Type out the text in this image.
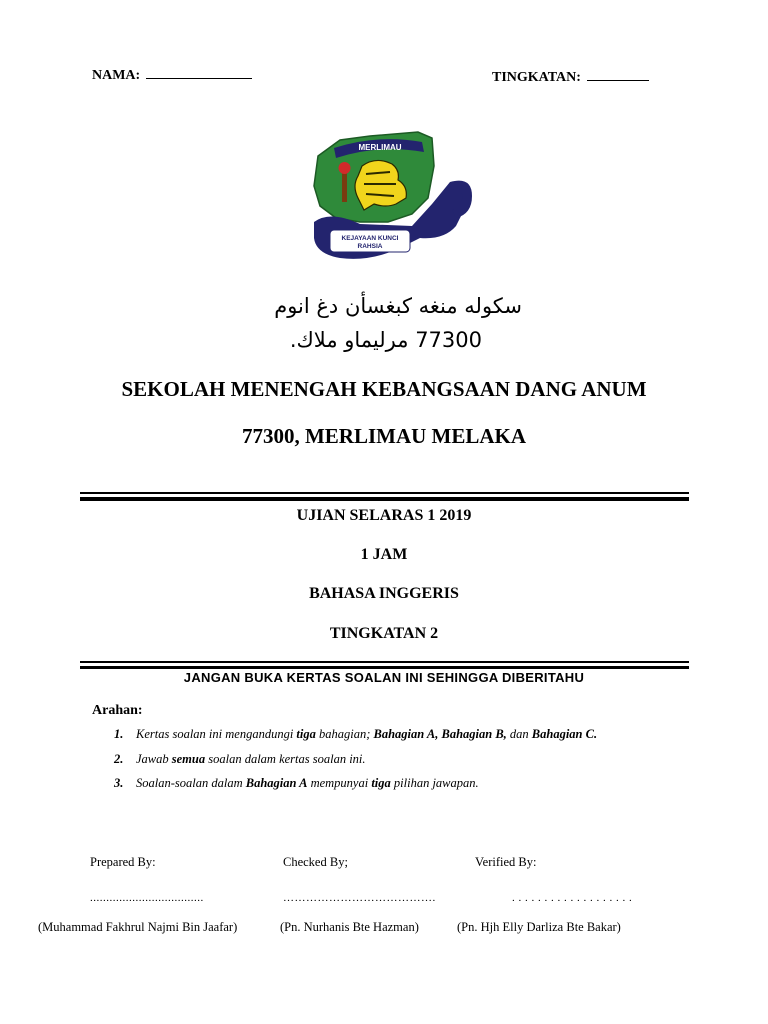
NAMA:	TINGKATAN:
KEJAYAAN KUNCI
RAHSIA
MERLIMAU
سكوله منغه كبغسأن دغ انوم
77300 مرليماو ملاك.
SEKOLAH MENENGAH KEBANGSAAN DANG ANUM
77300, MERLIMAU MELAKA
UJIAN SELARAS 1 2019
1 JAM
BAHASA INGGERIS
TINGKATAN 2
JANGAN BUKA KERTAS SOALAN INI SEHINGGA DIBERITAHU
Arahan:
1. Kertas soalan ini mengandungi tiga bahagian; Bahagian A, Bahagian B, dan Bahagian C.
2. Jawab semua soalan dalam kertas soalan ini.
3. Soalan-soalan dalam Bahagian A mempunyai tiga pilihan jawapan.
Prepared By:	Checked By;	Verified By:
...................................	………………………………….	. . . . . . . . . . . . . . . . . . .
(Muhammad Fakhrul Najmi Bin Jaafar)	(Pn. Nurhanis Bte Hazman)	(Pn. Hjh Elly Darliza Bte Bakar)
